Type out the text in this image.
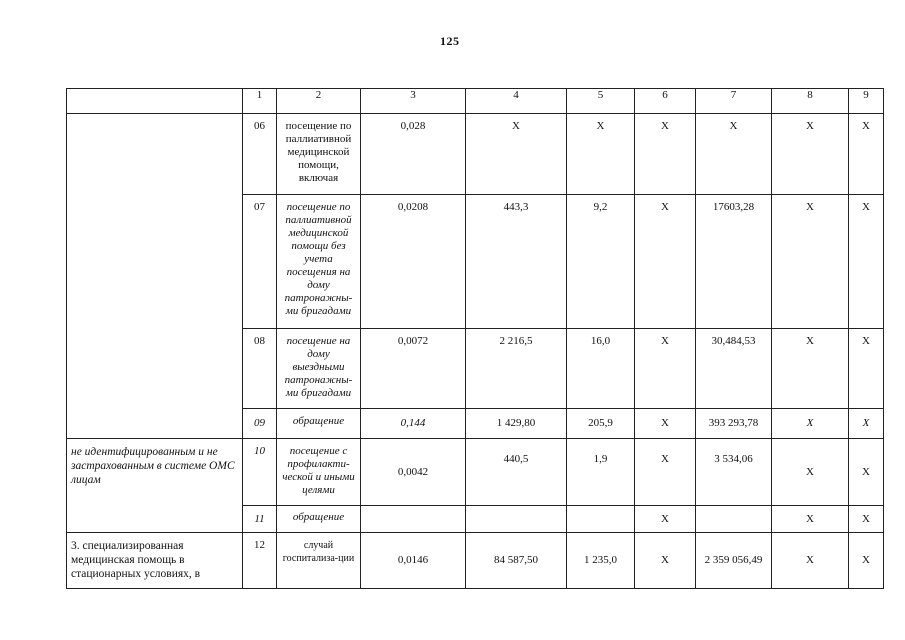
125
	1	2	3	4	5	6	7	8	9
	06	посещение по паллиативной медицинской помощи, включая	0,028	X	X	X	X	X	X
	07	посещение по паллиативной медицинской помощи без учета посещения на дому патронажны-ми бригадами	0,0208	443,3	9,2	X	17603,28	X	X
	08	посещение на дому выездными патронажны-ми бригадами	0,0072	2 216,5	16,0	X	30,484,53	X	X
	09	обращение	0,144	1 429,80	205,9	X	393 293,78	X	X
не идентифицированным и не застрахованным в системе ОМС лицам	10	посещение с профилакти-ческой и иными целями	0,0042	440,5	1,9	X	3 534,06	X	X
	11	обращение				X		X	X
3. специализированная медицинская помощь в стационарных условиях, в	12	случай госпитализа-ции	0,0146	84 587,50	1 235,0	X	2 359 056,49	X	X
